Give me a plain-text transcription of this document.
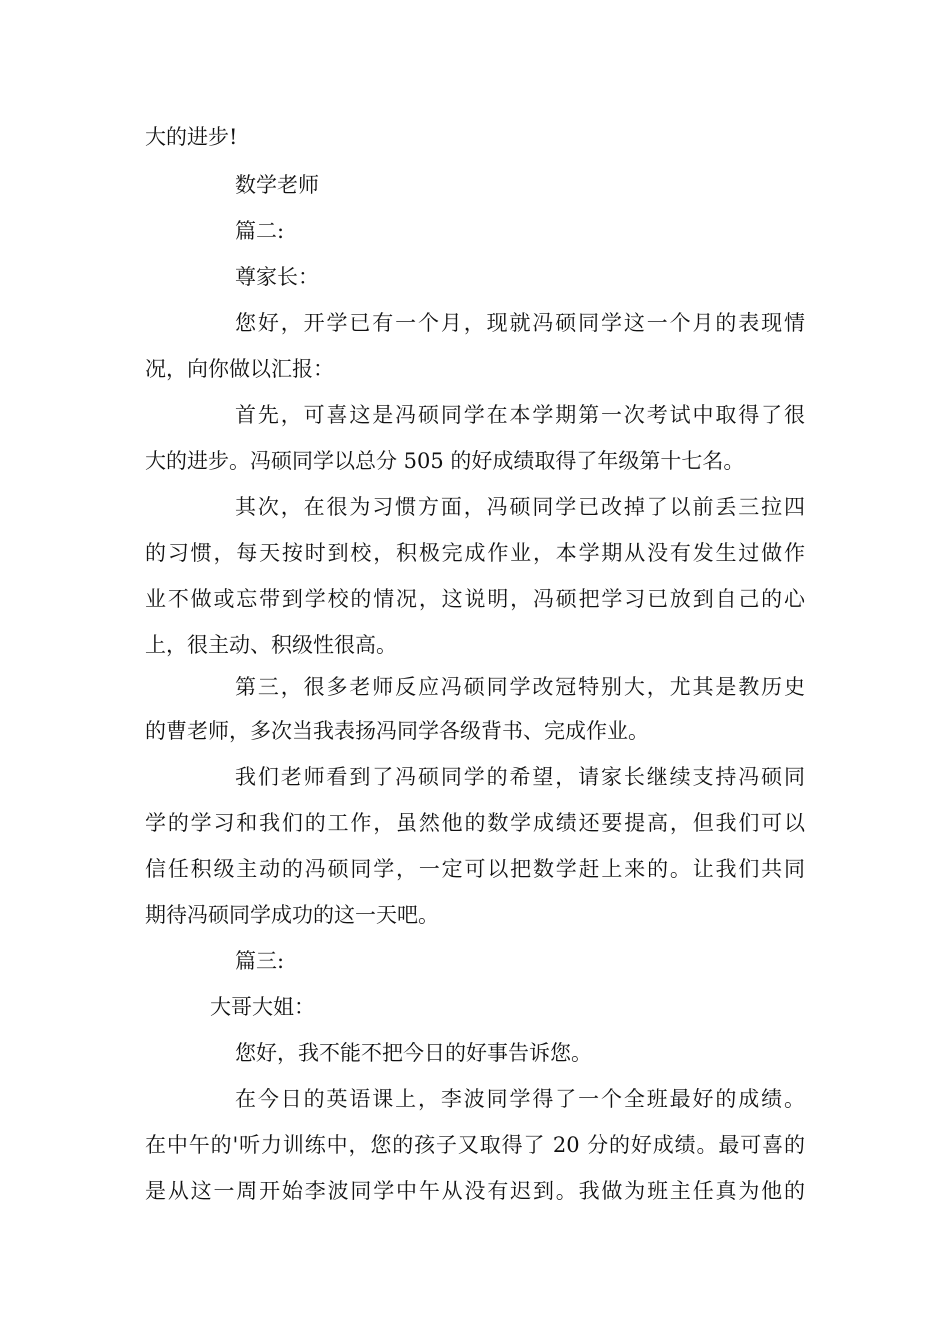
大的进步!
数学老师
篇二:
尊家长：
您好，开学已有一个月，现就冯硕同学这一个月的表现情
况，向你做以汇报：
首先，可喜这是冯硕同学在本学期第一次考试中取得了很
大的进步。冯硕同学以总分 505 的好成绩取得了年级第十七名。
其次，在很为习惯方面，冯硕同学已改掉了以前丢三拉四
的习惯，每天按时到校，积极完成作业，本学期从没有发生过做作
业不做或忘带到学校的情况，这说明，冯硕把学习已放到自己的心
上，很主动、积级性很高。
第三，很多老师反应冯硕同学改冠特别大，尤其是教历史
的曹老师，多次当我表扬冯同学各级背书、完成作业。
我们老师看到了冯硕同学的希望，请家长继续支持冯硕同
学的学习和我们的工作，虽然他的数学成绩还要提高，但我们可以
信任积级主动的冯硕同学，一定可以把数学赶上来的。让我们共同
期待冯硕同学成功的这一天吧。
篇三:
大哥大姐：
您好，我不能不把今日的好事告诉您。
在今日的英语课上，李波同学得了一个全班最好的成绩。
在中午的'听力训练中，您的孩子又取得了 20 分的好成绩。最可喜的
是从这一周开始李波同学中午从没有迟到。我做为班主任真为他的
